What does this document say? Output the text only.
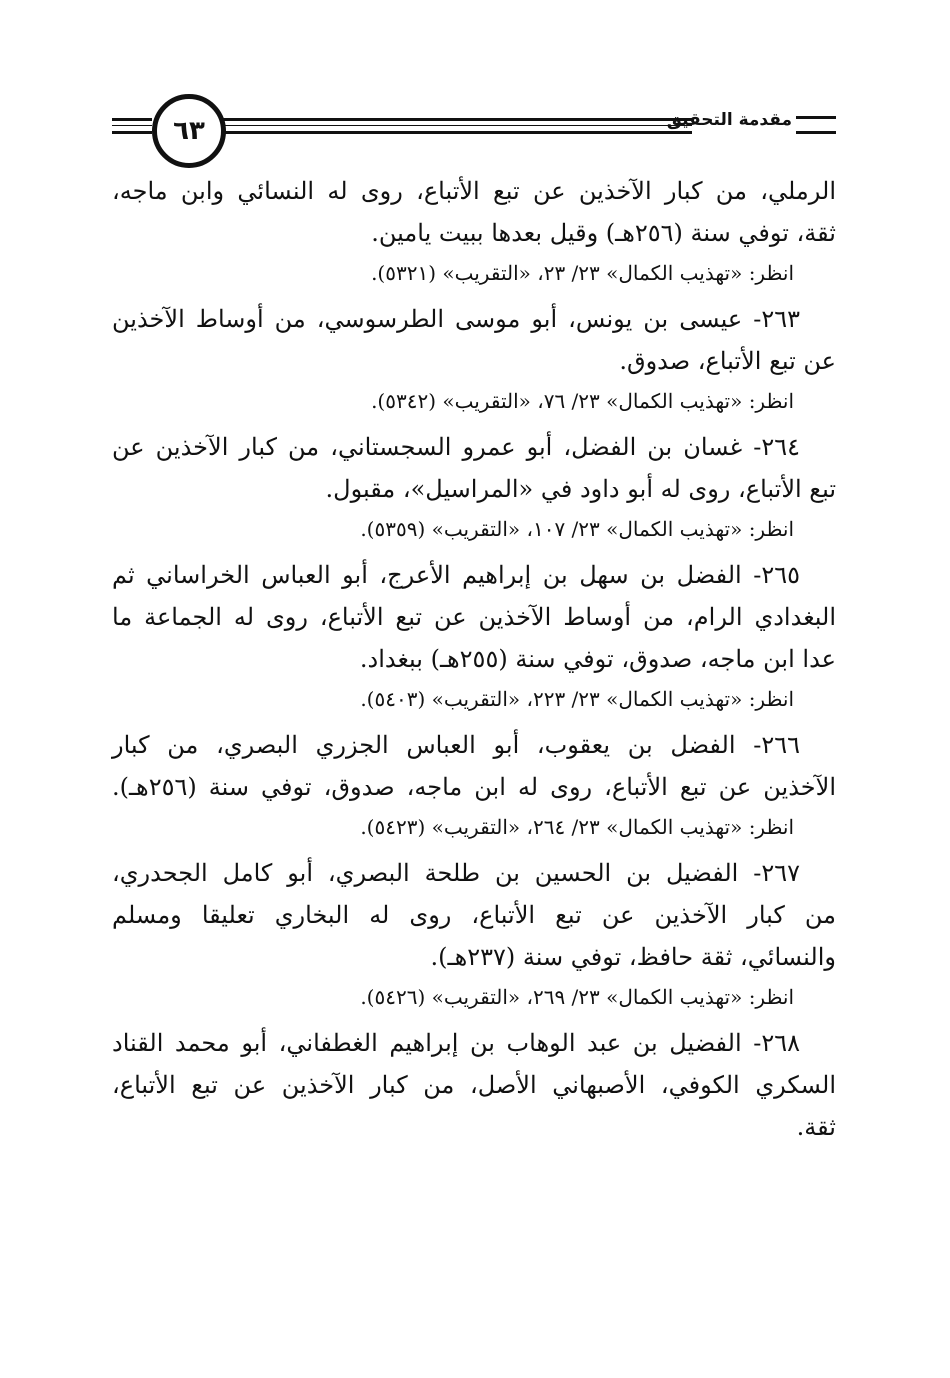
مقدمة التحقيق
٦٣
الرملي، من كبار الآخذين عن تبع الأتباع، روى له النسائي وابن ماجه،
ثقة، توفي سنة (٢٥٦هـ) وقيل بعدها ببيت يامين.
انظر: «تهذيب الكمال» ٢٣/ ٢٣، «التقريب» (٥٣٢١).
٢٦٣- عيسى بن يونس، أبو موسى الطرسوسي، من أوساط الآخذين
عن تبع الأتباع، صدوق.
انظر: «تهذيب الكمال» ٢٣/ ٧٦، «التقريب» (٥٣٤٢).
٢٦٤- غسان بن الفضل، أبو عمرو السجستاني، من كبار الآخذين عن
تبع الأتباع، روى له أبو داود في «المراسيل»، مقبول.
انظر: «تهذيب الكمال» ٢٣/ ١٠٧، «التقريب» (٥٣٥٩).
٢٦٥- الفضل بن سهل بن إبراهيم الأعرج، أبو العباس الخراساني ثم
البغدادي الرام، من أوساط الآخذين عن تبع الأتباع، روى له الجماعة ما
عدا ابن ماجه، صدوق، توفي سنة (٢٥٥هـ) ببغداد.
انظر: «تهذيب الكمال» ٢٣/ ٢٢٣، «التقريب» (٥٤٠٣).
٢٦٦- الفضل بن يعقوب، أبو العباس الجزري البصري، من كبار
الآخذين عن تبع الأتباع، روى له ابن ماجه، صدوق، توفي سنة (٢٥٦هـ).
انظر: «تهذيب الكمال» ٢٣/ ٢٦٤، «التقريب» (٥٤٢٣).
٢٦٧- الفضيل بن الحسين بن طلحة البصري، أبو كامل الجحدري،
من كبار الآخذين عن تبع الأتباع، روى له البخاري تعليقا ومسلم
والنسائي، ثقة حافظ، توفي سنة (٢٣٧هـ).
انظر: «تهذيب الكمال» ٢٣/ ٢٦٩، «التقريب» (٥٤٢٦).
٢٦٨- الفضيل بن عبد الوهاب بن إبراهيم الغطفاني، أبو محمد القناد
السكري الكوفي، الأصبهاني الأصل، من كبار الآخذين عن تبع الأتباع،
ثقة.
